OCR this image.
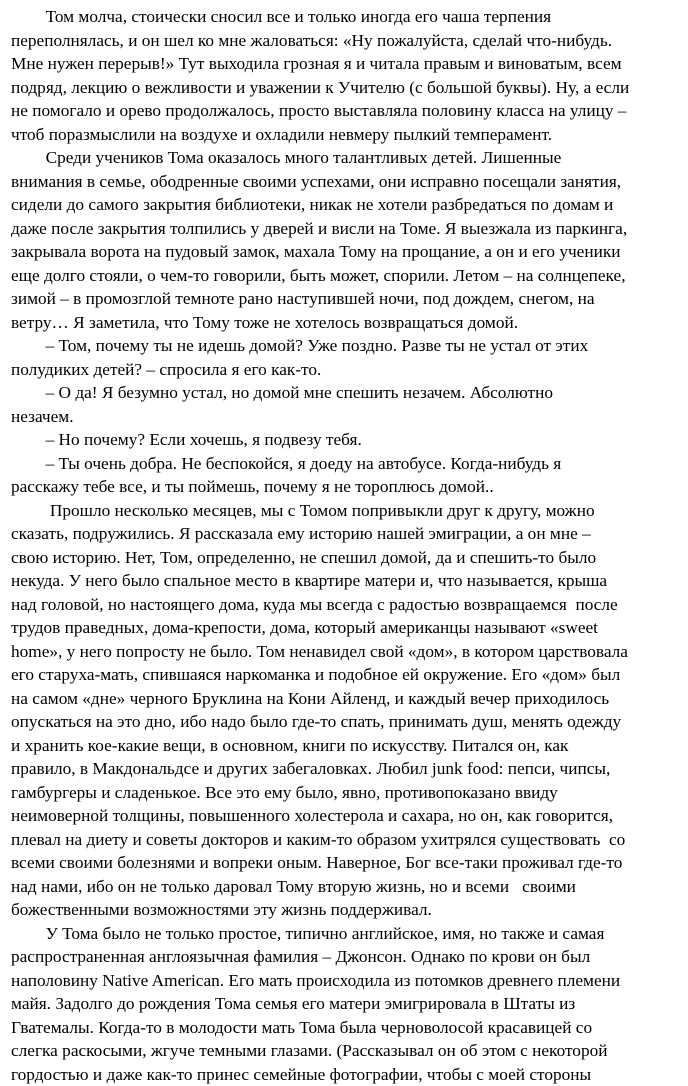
Том молча, стоически сносил все и только иногда его чаша терпения
переполнялась, и он шел ко мне жаловаться: «Ну пожалуйста, сделай что-нибудь.
Мне нужен перерыв!» Тут выходила грозная я и читала правым и виноватым, всем
подряд, лекцию о вежливости и уважении к Учителю (с большой буквы). Ну, а если
не помогало и орево продолжалось, просто выставляла половину класса на улицу –
чтоб поразмыслили на воздухе и охладили невмеру пылкий темперамент.
Среди учеников Тома оказалось много талантливых детей. Лишенные
внимания в семье, ободренные своими успехами, они исправно посещали занятия,
сидели до самого закрытия библиотеки, никак не хотели разбредаться по домам и
даже после закрытия толпились у дверей и висли на Томе. Я выезжала из паркинга,
закрывала ворота на пудовый замок, махала Тому на прощание, а он и его ученики
еще долго стояли, о чем-то говорили, быть может, спорили. Летом – на солнцепеке,
зимой – в промозглой темноте рано наступившей ночи, под дождем, снегом, на
ветру… Я заметила, что Тому тоже не хотелось возвращаться домой.
– Том, почему ты не идешь домой? Уже поздно. Разве ты не устал от этих
полудиких детей? – спросила я его как-то.
– О да! Я безумно устал, но домой мне спешить незачем. Абсолютно
незачем.
– Но почему? Если хочешь, я подвезу тебя.
– Ты очень добра. Не беспокойся, я доеду на автобусе. Когда-нибудь я
расскажу тебе все, и ты поймешь, почему я не тороплюсь домой..
Прошло несколько месяцев, мы с Томом попривыкли друг к другу, можно
сказать, подружились. Я рассказала ему историю нашей эмиграции, а он мне –
свою историю. Нет, Том, определенно, не спешил домой, да и спешить-то было
некуда. У него было спальное место в квартире матери и, что называется, крыша
над головой, но настоящего дома, куда мы всегда с радостью возвращаемся  после
трудов праведных, дома-крепости, дома, который американцы называют «sweet
home», у него попросту не было. Том ненавидел свой «дом», в котором царствовала
его старуха-мать, спившаяся наркоманка и подобное ей окружение. Его «дом» был
на самом «дне» черного Бруклина на Кони Айленд, и каждый вечер приходилось
опускаться на это дно, ибо надо было где-то спать, принимать душ, менять одежду
и хранить кое-какие вещи, в основном, книги по искусству. Питался он, как
правило, в Макдональдсе и других забегаловках. Любил junk food: пепси, чипсы,
гамбургеры и сладенькое. Все это ему было, явно, противопоказано ввиду
неимоверной толщины, повышенного холестерола и сахара, но он, как говорится,
плевал на диету и советы докторов и каким-то образом ухитрялся существовать  со
всеми своими болезнями и вопреки оным. Наверное, Бог все-таки проживал где-то
над нами, ибо он не только даровал Тому вторую жизнь, но и всеми   своими
божественными возможностями эту жизнь поддерживал.
У Тома было не только простое, типично английское, имя, но также и самая
распространенная англоязычная фамилия – Джонсон. Однако по крови он был
наполовину Native American. Его мать происходила из потомков древнего племени
майя. Задолго до рождения Тома семья его матери эмигрировала в Штаты из
Гватемалы. Когда-то в молодости мать Тома была черноволосой красавицей со
слегка раскосыми, жгуче темными глазами. (Рассказывал он об этом с некоторой
гордостью и даже как-то принес семейные фотографии, чтобы с моей стороны
